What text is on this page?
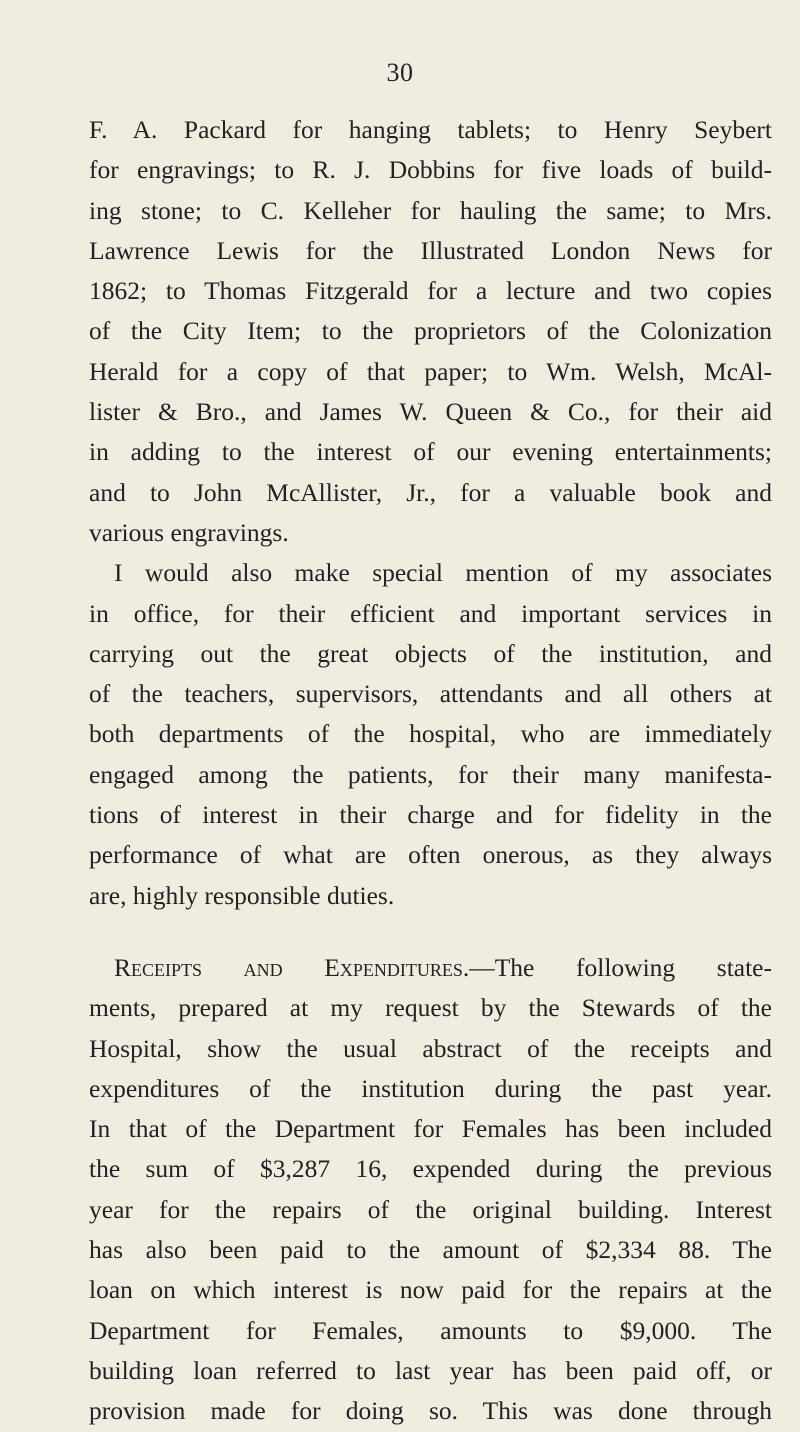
30
F. A. Packard for hanging tablets; to Henry Seybert
for engravings; to R. J. Dobbins for five loads of build-
ing stone; to C. Kelleher for hauling the same; to Mrs.
Lawrence Lewis for the Illustrated London News for
1862; to Thomas Fitzgerald for a lecture and two copies
of the City Item; to the proprietors of the Colonization
Herald for a copy of that paper; to Wm. Welsh, McAl-
lister & Bro., and James W. Queen & Co., for their aid
in adding to the interest of our evening entertainments;
and to John McAllister, Jr., for a valuable book and
various engravings.
I would also make special mention of my associates
in office, for their efficient and important services in
carrying out the great objects of the institution, and
of the teachers, supervisors, attendants and all others at
both departments of the hospital, who are immediately
engaged among the patients, for their many manifesta-
tions of interest in their charge and for fidelity in the
performance of what are often onerous, as they always
are, highly responsible duties.
Receipts and Expenditures.—The following state-
ments, prepared at my request by the Stewards of the
Hospital, show the usual abstract of the receipts and
expenditures of the institution during the past year.
In that of the Department for Females has been included
the sum of $3,287 16, expended during the previous
year for the repairs of the original building. Interest
has also been paid to the amount of $2,334 88. The
loan on which interest is now paid for the repairs at the
Department for Females, amounts to $9,000. The
building loan referred to last year has been paid off, or
provision made for doing so. This was done through
